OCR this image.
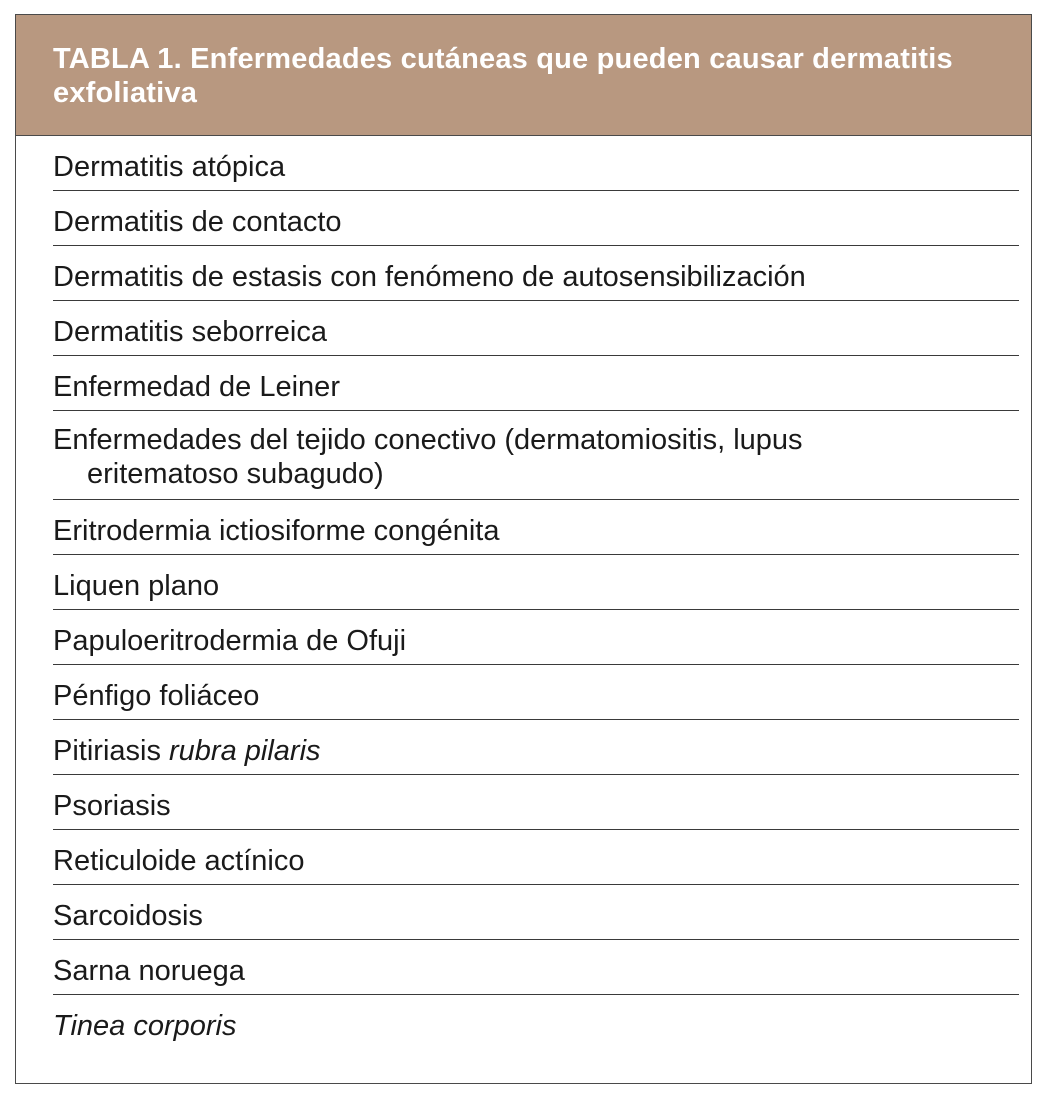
TABLA 1. Enfermedades cutáneas que pueden causar dermatitis exfoliativa
Dermatitis atópica
Dermatitis de contacto
Dermatitis de estasis con fenómeno de autosensibilización
Dermatitis seborreica
Enfermedad de Leiner
Enfermedades del tejido conectivo (dermatomiositis, lupus
eritematoso subagudo)
Eritrodermia ictiosiforme congénita
Liquen plano
Papuloeritrodermia de Ofuji
Pénfigo foliáceo
Pitiriasis rubra pilaris
Psoriasis
Reticuloide actínico
Sarcoidosis
Sarna noruega
Tinea corporis
